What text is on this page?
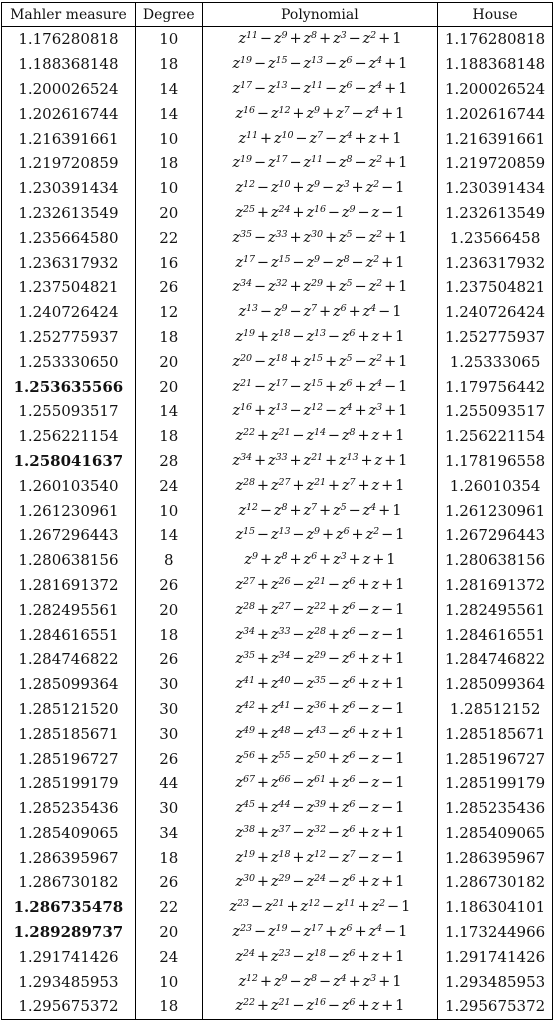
Mahler measure	Degree	Polynomial	House
1.176280818	10	$z^{11} - z^9 + z^8 + z^3 - z^2 + 1$	1.176280818
1.188368148	18	$z^{19} - z^{15} - z^{13} - z^6 - z^4 + 1$	1.188368148
1.200026524	14	$z^{17} - z^{13} - z^{11} - z^6 - z^4 + 1$	1.200026524
1.202616744	14	$z^{16} - z^{12} + z^9 + z^7 - z^4 + 1$	1.202616744
1.216391661	10	$z^{11} + z^{10} - z^7 - z^4 + z + 1$	1.216391661
1.219720859	18	$z^{19} - z^{17} - z^{11} - z^8 - z^2 + 1$	1.219720859
1.230391434	10	$z^{12} - z^{10} + z^9 - z^3 + z^2 - 1$	1.230391434
1.232613549	20	$z^{25} + z^{24} + z^{16} - z^9 - z - 1$	1.232613549
1.235664580	22	$z^{35} - z^{33} + z^{30} + z^5 - z^2 + 1$	1.23566458
1.236317932	16	$z^{17} - z^{15} - z^9 - z^8 - z^2 + 1$	1.236317932
1.237504821	26	$z^{34} - z^{32} + z^{29} + z^5 - z^2 + 1$	1.237504821
1.240726424	12	$z^{13} - z^9 - z^7 + z^6 + z^4 - 1$	1.240726424
1.252775937	18	$z^{19} + z^{18} - z^{13} - z^6 + z + 1$	1.252775937
1.253330650	20	$z^{20} - z^{18} + z^{15} + z^5 - z^2 + 1$	1.25333065
1.253635566	20	$z^{21} - z^{17} - z^{15} + z^6 + z^4 - 1$	1.179756442
1.255093517	14	$z^{16} + z^{13} - z^{12} - z^4 + z^3 + 1$	1.255093517
1.256221154	18	$z^{22} + z^{21} - z^{14} - z^8 + z + 1$	1.256221154
1.258041637	28	$z^{34} + z^{33} + z^{21} + z^{13} + z + 1$	1.178196558
1.260103540	24	$z^{28} + z^{27} + z^{21} + z^7 + z + 1$	1.26010354
1.261230961	10	$z^{12} - z^8 + z^7 + z^5 - z^4 + 1$	1.261230961
1.267296443	14	$z^{15} - z^{13} - z^9 + z^6 + z^2 - 1$	1.267296443
1.280638156	8	$z^9 + z^8 + z^6 + z^3 + z + 1$	1.280638156
1.281691372	26	$z^{27} + z^{26} - z^{21} - z^6 + z + 1$	1.281691372
1.282495561	20	$z^{28} + z^{27} - z^{22} + z^6 - z - 1$	1.282495561
1.284616551	18	$z^{34} + z^{33} - z^{28} + z^6 - z - 1$	1.284616551
1.284746822	26	$z^{35} + z^{34} - z^{29} - z^6 + z + 1$	1.284746822
1.285099364	30	$z^{41} + z^{40} - z^{35} - z^6 + z + 1$	1.285099364
1.285121520	30	$z^{42} + z^{41} - z^{36} + z^6 - z - 1$	1.28512152
1.285185671	30	$z^{49} + z^{48} - z^{43} - z^6 + z + 1$	1.285185671
1.285196727	26	$z^{56} + z^{55} - z^{50} + z^6 - z - 1$	1.285196727
1.285199179	44	$z^{67} + z^{66} - z^{61} + z^6 - z - 1$	1.285199179
1.285235436	30	$z^{45} + z^{44} - z^{39} + z^6 - z - 1$	1.285235436
1.285409065	34	$z^{38} + z^{37} - z^{32} - z^6 + z + 1$	1.285409065
1.286395967	18	$z^{19} + z^{18} + z^{12} - z^7 - z - 1$	1.286395967
1.286730182	26	$z^{30} + z^{29} - z^{24} - z^6 + z + 1$	1.286730182
1.286735478	22	$z^{23} - z^{21} + z^{12} - z^{11} + z^2 - 1$	1.186304101
1.289289737	20	$z^{23} - z^{19} - z^{17} + z^6 + z^4 - 1$	1.173244966
1.291741426	24	$z^{24} + z^{23} - z^{18} - z^6 + z + 1$	1.291741426
1.293485953	10	$z^{12} + z^9 - z^8 - z^4 + z^3 + 1$	1.293485953
1.295675372	18	$z^{22} + z^{21} - z^{16} - z^6 + z + 1$	1.295675372
